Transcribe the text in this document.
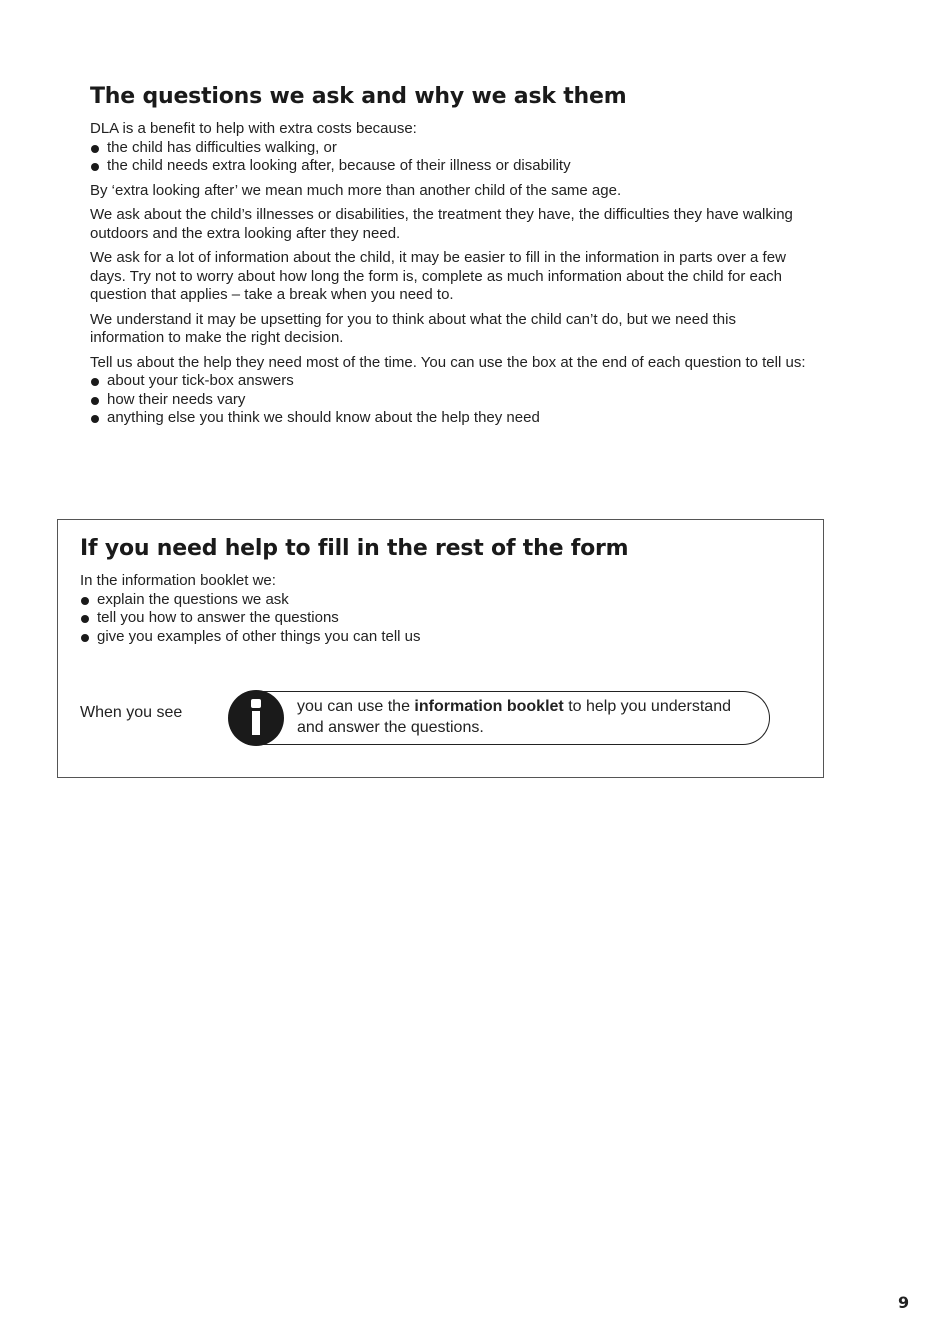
The questions we ask and why we ask them

DLA is a benefit to help with extra costs because:

the child has difficulties walking, or
the child needs extra looking after, because of their illness or disability

By ‘extra looking after’ we mean much more than another child of the same age.

We ask about the child’s illnesses or disabilities, the treatment they have, the difficulties they have walking outdoors and the extra looking after they need.

We ask for a lot of information about the child, it may be easier to fill in the information in parts over a few days. Try not to worry about how long the form is, complete as much information about the child for each question that applies – take a break when you need to.

We understand it may be upsetting for you to think about what the child can’t do, but we need this information to make the right decision.

Tell us about the help they need most of the time. You can use the box at the end of each question to tell us:

about your tick-box answers
how their needs vary
anything else you think we should know about the help they need
If you need help to fill in the rest of the form

In the information booklet we:

explain the questions we ask
tell you how to answer the questions
give you examples of other things you can tell us
When you see	you can use the information booklet to help you understand and answer the questions.
9
